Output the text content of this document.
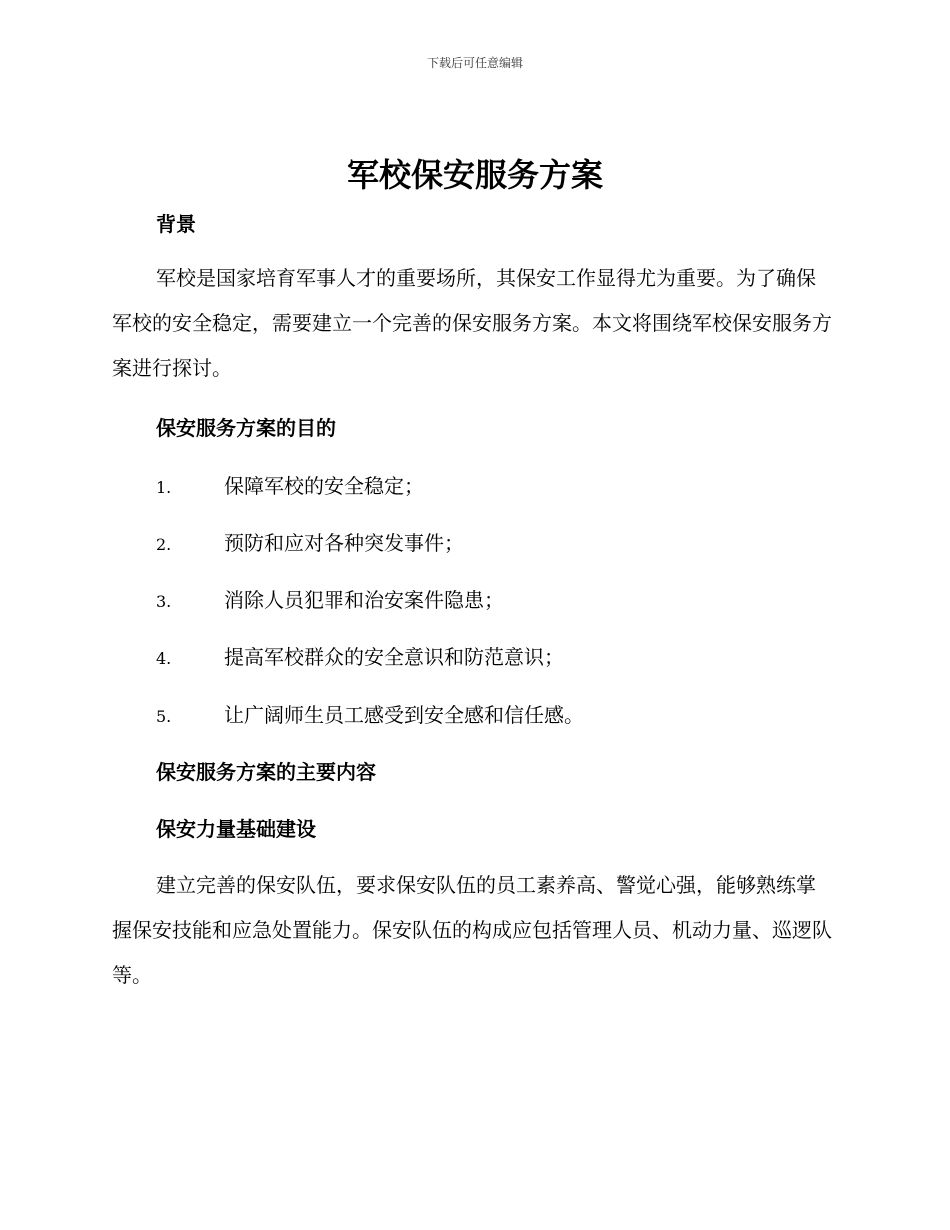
下载后可任意编辑
军校保安服务方案
背景
军校是国家培育军事人才的重要场所，其保安工作显得尤为重要。为了确保军校的安全稳定，需要建立一个完善的保安服务方案。本文将围绕军校保安服务方案进行探讨。
保安服务方案的目的
1.	保障军校的安全稳定；
2.	预防和应对各种突发事件；
3.	消除人员犯罪和治安案件隐患；
4.	提高军校群众的安全意识和防范意识；
5.	让广阔师生员工感受到安全感和信任感。
保安服务方案的主要内容
保安力量基础建设
建立完善的保安队伍，要求保安队伍的员工素养高、警觉心强，能够熟练掌握保安技能和应急处置能力。保安队伍的构成应包括管理人员、机动力量、巡逻队等。
